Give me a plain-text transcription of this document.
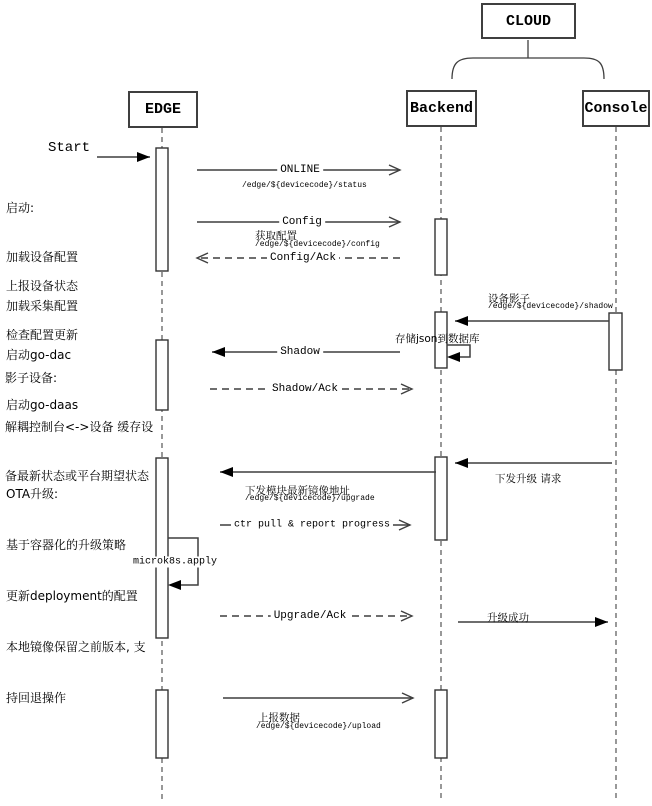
CLOUD
EDGE	Backend	Console
Start

启动:

加载设备配置

加载采集配置

启动go-dac

启动go-daas

上报设备状态

检查配置更新

影子设备:

解耦控制台<->设备 缓存设

备最新状态或平台期望状态

OTA升级:

基于容器化的升级策略

更新deployment的配置

本地镜像保留之前版本, 支

持回退操作

ONLINE
/edge/${devicecode}/status
Config
获取配置
/edge/${devicecode}/config
Config/Ack
设备影子
/edge/${devicecode}/shadow
Shadow
Shadow/Ack
下发升级 请求
下发模块最新镜像地址
/edge/${devicecode}/upgrade
ctr pull & report progress
Upgrade/Ack	升级成功
上报数据
/edge/${devicecode}/upload
存储json到数据库
microk8s.apply
